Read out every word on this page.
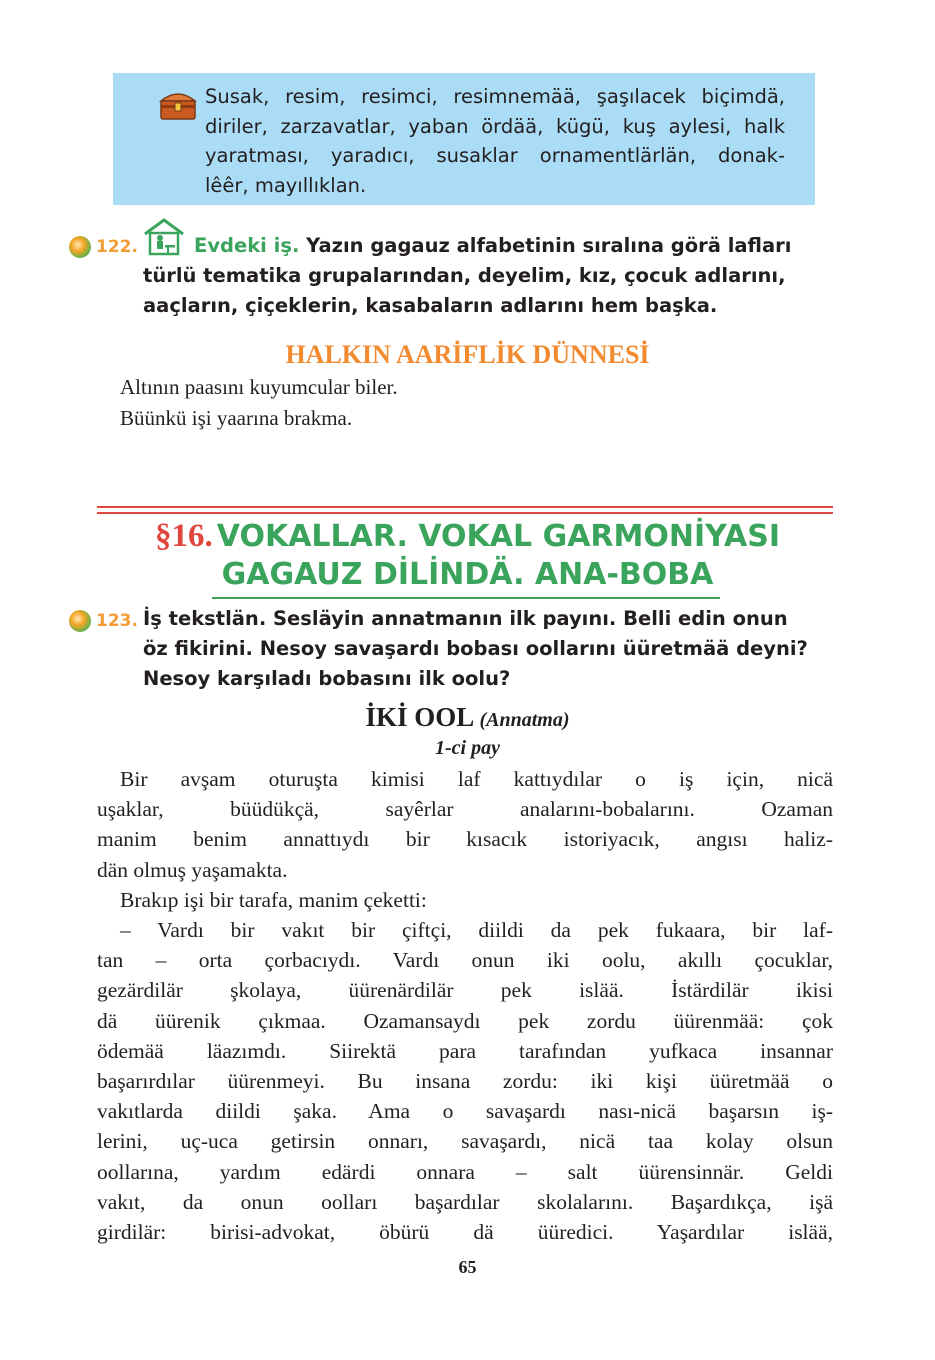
Susak, resim, resimci, resimnemää, şaşılacek biçimdä,
diriler, zarzavatlar, yaban ördää, kügü, kuş aylesi, halk
yaratması, yaradıcı, susaklar ornamentlärlän, donak-
lêêr, mayıllıklan.
122.	Evdeki iş. Yazın gagauz alfabetinin sıralına görä lafları
türlü tematika grupalarından, deyelim, kız, çocuk adlarını,
aaçların, çiçeklerin, kasabaların adlarını hem başka.
HALKIN AARİFLİK DÜNNESİ
Altının paasını kuyumcular biler.
Büünkü işi yaarına brakma.
§16. VOKALLAR. VOKAL GARMONİYASI
GAGAUZ DİLİNDÄ. ANA-BOBA
123. İş tekstlän. Sesläyin annatmanın ilk payını. Belli edin onun
öz fikirini. Nesoy savaşardı bobası oollarını üüretmää deyni?
Nesoy karşıladı bobasını ilk oolu?
İKİ OOL (Annatma)
1-ci pay
Bir avşam oturuşta kimisi laf kattıydılar o iş için, nicä
uşaklar, büüdükçä, sayêrlar analarını-bobalarını. Ozaman
manim benim annattıydı bir kısacık istoriyacık, angısı haliz-
dän olmuş yaşamakta.
Brakıp işi bir tarafa, manim çeketti:
– Vardı bir vakıt bir çiftçi, diildi da pek fukaara, bir laf-
tan – orta çorbacıydı. Vardı onun iki oolu, akıllı çocuklar,
gezärdilär şkolaya, üürenärdilär pek islää. İstärdilär ikisi
dä üürenik çıkmaa. Ozamansaydı pek zordu üürenmää: çok
ödemää läazımdı. Siirektä para tarafından yufkaca insannar
başarırdılar üürenmeyi. Bu insana zordu: iki kişi üüretmää o
vakıtlarda diildi şaka. Ama o savaşardı nası-nicä başarsın iş-
lerini, uç-uca getirsin onnarı, savaşardı, nicä taa kolay olsun
oollarına, yardım edärdi onnara – salt üürensinnär. Geldi
vakıt, da onun oolları başardılar skolalarını. Başardıkça, işä
girdilär: birisi-advokat, öbürü dä üüredici. Yaşardılar islää,
65
